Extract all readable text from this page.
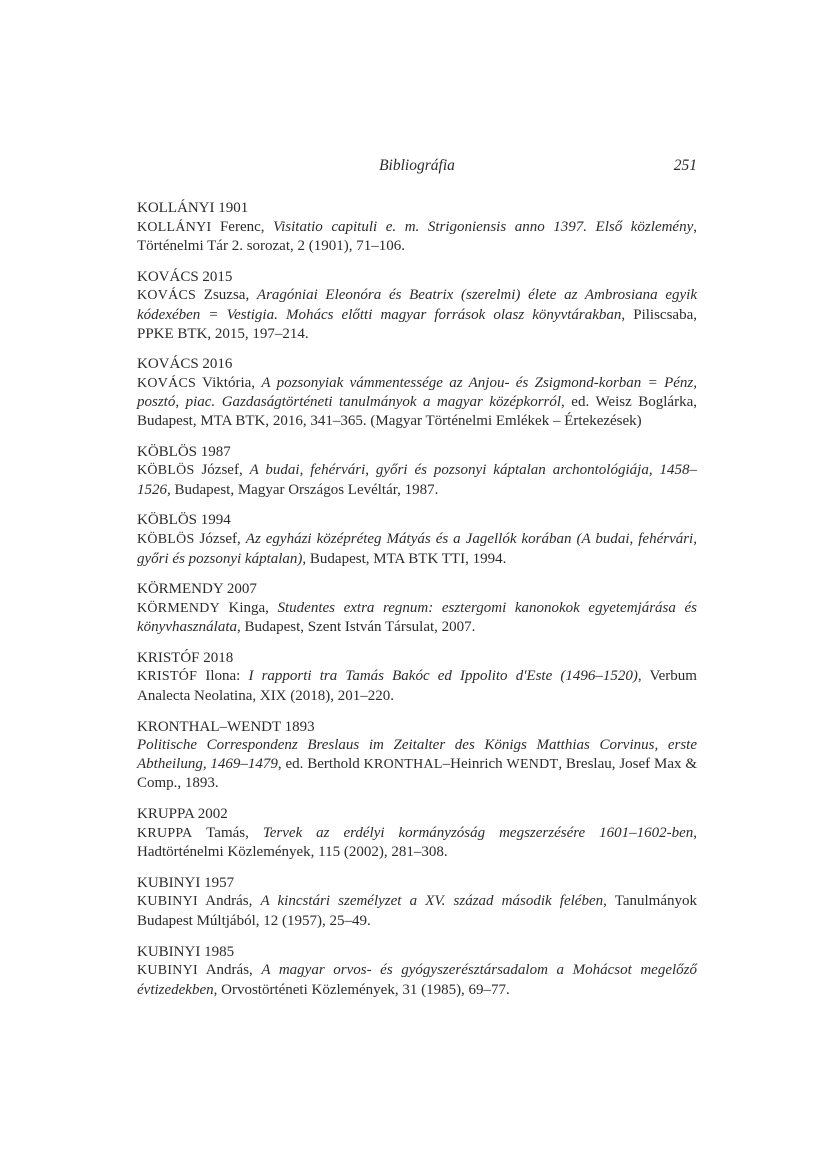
Bibliográfia	251
KOLLÁNYI 1901

KOLLÁNYI Ferenc, Visitatio capituli e. m. Strigoniensis anno 1397. Első közlemény, Történelmi Tár 2. sorozat, 2 (1901), 71–106.

KOVÁCS 2015

KOVÁCS Zsuzsa, Aragóniai Eleonóra és Beatrix (szerelmi) élete az Ambrosiana egyik kódexében = Vestigia. Mohács előtti magyar források olasz könyvtárakban, Piliscsaba, PPKE BTK, 2015, 197–214.

KOVÁCS 2016

KOVÁCS Viktória, A pozsonyiak vámmentessége az Anjou- és Zsigmond-korban = Pénz, posztó, piac. Gazdaságtörténeti tanulmányok a magyar középkorról, ed. Weisz Boglárka, Budapest, MTA BTK, 2016, 341–365. (Magyar Történelmi Emlékek – Értekezések)

KÖBLÖS 1987

KÖBLÖS József, A budai, fehérvári, győri és pozsonyi káptalan archontológiája, 1458–1526, Budapest, Magyar Országos Levéltár, 1987.

KÖBLÖS 1994

KÖBLÖS József, Az egyházi középréteg Mátyás és a Jagellók korában (A budai, fehérvári, győri és pozsonyi káptalan), Budapest, MTA BTK TTI, 1994.

KÖRMENDY 2007

KÖRMENDY Kinga, Studentes extra regnum: esztergomi kanonokok egyetemjárása és könyvhasználata, Budapest, Szent István Társulat, 2007.

KRISTÓF 2018

KRISTÓF Ilona: I rapporti tra Tamás Bakóc ed Ippolito d'Este (1496–1520), Verbum Analecta Neolatina, XIX (2018), 201–220.

KRONTHAL–WENDT 1893

Politische Correspondenz Breslaus im Zeitalter des Königs Matthias Corvinus, erste Abtheilung, 1469–1479, ed. Berthold KRONTHAL–Heinrich WENDT, Breslau, Josef Max & Comp., 1893.

KRUPPA 2002

KRUPPA Tamás, Tervek az erdélyi kormányzóság megszerzésére 1601–1602-ben, Hadtörténelmi Közlemények, 115 (2002), 281–308.

KUBINYI 1957

KUBINYI András, A kincstári személyzet a XV. század második felében, Tanulmányok Budapest Múltjából, 12 (1957), 25–49.

KUBINYI 1985

KUBINYI András, A magyar orvos- és gyógyszerésztársadalom a Mohácsot megelőző évtizedekben, Orvostörténeti Közlemények, 31 (1985), 69–77.
